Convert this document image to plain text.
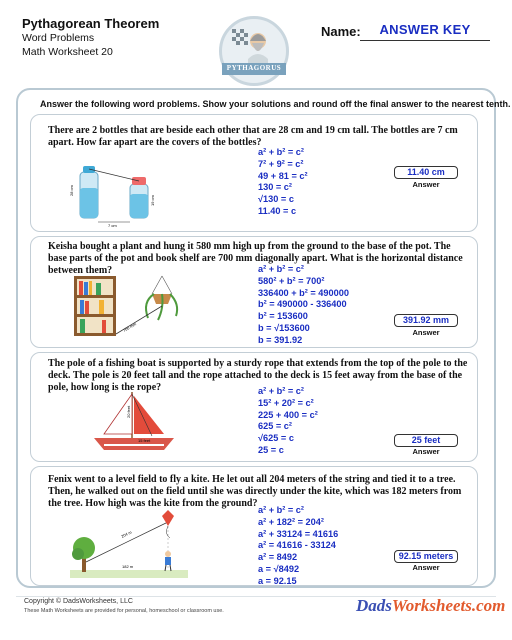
Pythagorean Theorem
Word Problems
Math Worksheet 20
PYTHAGORUS
Name:	ANSWER KEY
Answer the following word problems. Show your solutions and round off the final answer to the nearest tenth.
There are 2 bottles that are beside each other that are 28 cm and 19 cm tall. The bottles are 7 cm apart. How far apart are the covers of the bottles?
28 cm
19 cm
7 cm
a² + b² = c²
7² + 9² = c²
49 + 81 = c²
130 = c²
√130 = c
11.40 = c
11.40 cm
Answer
Keisha bought a plant and hung it 580 mm high up from the ground to the base of the pot. The base parts of the pot and book shelf are 700 mm diagonally apart. What is the horizontal distance between them?
700 mm
a² + b² = c²
580² + b² = 700²
336400 + b² = 490000
b² = 490000 - 336400
b² = 153600
b = √153600
b = 391.92
391.92 mm
Answer
The pole of a fishing boat is supported by a sturdy rope that extends from the top of the pole to the deck. The pole is 20 feet tall and the rope attached to the deck is 15 feet away from the base of the pole, how long is the rope?
20 feet
15 feet
a² + b² = c²
15² + 20² = c²
225 + 400 = c²
625 = c²
√625 = c
25 = c
25 feet
Answer
Fenix went to a level field to fly a kite. He let out all 204 meters of the string and tied it to a tree. Then, he walked out on the field until she was directly under the kite, which was 182 meters from the tree. How high was the kite from the ground?
204 m
182 m
a² + b² = c²
a² + 182² = 204²
a² + 33124 = 41616
a² = 41616 - 33124
a² = 8492
a = √8492
a = 92.15
92.15 meters
Answer
Copyright © DadsWorksheets, LLC
These Math Worksheets are provided for personal, homeschool or classroom use.	DadsWorksheets.com
